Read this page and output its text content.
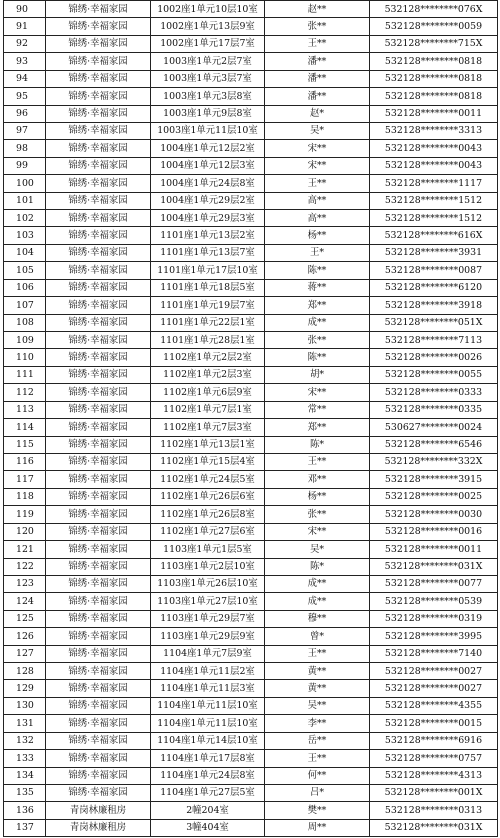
90	锦绣·幸福家园	1002座1单元10层10室	赵**	532128********076X
91	锦绣·幸福家园	1002座1单元13层9室	张**	532128********0059
92	锦绣·幸福家园	1002座1单元17层7室	王**	532128********715X
93	锦绣·幸福家园	1003座1单元2层7室	潘**	532128********0818
94	锦绣·幸福家园	1003座1单元3层7室	潘**	532128********0818
95	锦绣·幸福家园	1003座1单元3层8室	潘**	532128********0818
96	锦绣·幸福家园	1003座1单元9层8室	赵*	532128********0011
97	锦绣·幸福家园	1003座1单元11层10室	吴*	532128********3313
98	锦绣·幸福家园	1004座1单元12层2室	宋**	532128********0043
99	锦绣·幸福家园	1004座1单元12层3室	宋**	532128********0043
100	锦绣·幸福家园	1004座1单元24层8室	王**	532128********1117
101	锦绣·幸福家园	1004座1单元29层2室	高**	532128********1512
102	锦绣·幸福家园	1004座1单元29层3室	高**	532128********1512
103	锦绣·幸福家园	1101座1单元13层2室	杨**	532128********616X
104	锦绣·幸福家园	1101座1单元13层7室	王*	532128********3931
105	锦绣·幸福家园	1101座1单元17层10室	陈**	532128********0087
106	锦绣·幸福家园	1101座1单元18层5室	蒋**	532128********6120
107	锦绣·幸福家园	1101座1单元19层7室	郑**	532128********3918
108	锦绣·幸福家园	1101座1单元22层1室	成**	532128********051X
109	锦绣·幸福家园	1101座1单元28层1室	张**	532128********7113
110	锦绣·幸福家园	1102座1单元2层2室	陈**	532128********0026
111	锦绣·幸福家园	1102座1单元2层3室	胡*	532128********0055
112	锦绣·幸福家园	1102座1单元6层9室	宋**	532128********0333
113	锦绣·幸福家园	1102座1单元7层1室	常**	532128********0335
114	锦绣·幸福家园	1102座1单元7层3室	郑**	530627********0024
115	锦绣·幸福家园	1102座1单元13层1室	陈*	532128********6546
116	锦绣·幸福家园	1102座1单元15层4室	王**	532128********332X
117	锦绣·幸福家园	1102座1单元24层5室	邓**	532128********3915
118	锦绣·幸福家园	1102座1单元26层6室	杨**	532128********0025
119	锦绣·幸福家园	1102座1单元26层8室	张**	532128********0030
120	锦绣·幸福家园	1102座1单元27层6室	宋**	532128********0016
121	锦绣·幸福家园	1103座1单元1层5室	吴*	532128********0011
122	锦绣·幸福家园	1103座1单元2层10室	陈*	532128********031X
123	锦绣·幸福家园	1103座1单元26层10室	成**	532128********0077
124	锦绣·幸福家园	1103座1单元27层10室	成**	532128********0539
125	锦绣·幸福家园	1103座1单元29层7室	穆**	532128********0319
126	锦绣·幸福家园	1103座1单元29层9室	曾*	532128********3995
127	锦绣·幸福家园	1104座1单元7层9室	王**	532128********7140
128	锦绣·幸福家园	1104座1单元11层2室	黄**	532128********0027
129	锦绣·幸福家园	1104座1单元11层3室	黄**	532128********0027
130	锦绣·幸福家园	1104座1单元11层10室	吴**	532128********4355
131	锦绣·幸福家园	1104座1单元11层10室	李**	532128********0015
132	锦绣·幸福家园	1104座1单元14层10室	岳**	532128********6916
133	锦绣·幸福家园	1104座1单元17层8室	王**	532128********0757
134	锦绣·幸福家园	1104座1单元24层8室	何**	532128********4313
135	锦绣·幸福家园	1104座1单元27层5室	吕*	532128********001X
136	青岗林廉租房	2幢204室	樊**	532128********0313
137	青岗林廉租房	3幢404室	周**	532128********031X
